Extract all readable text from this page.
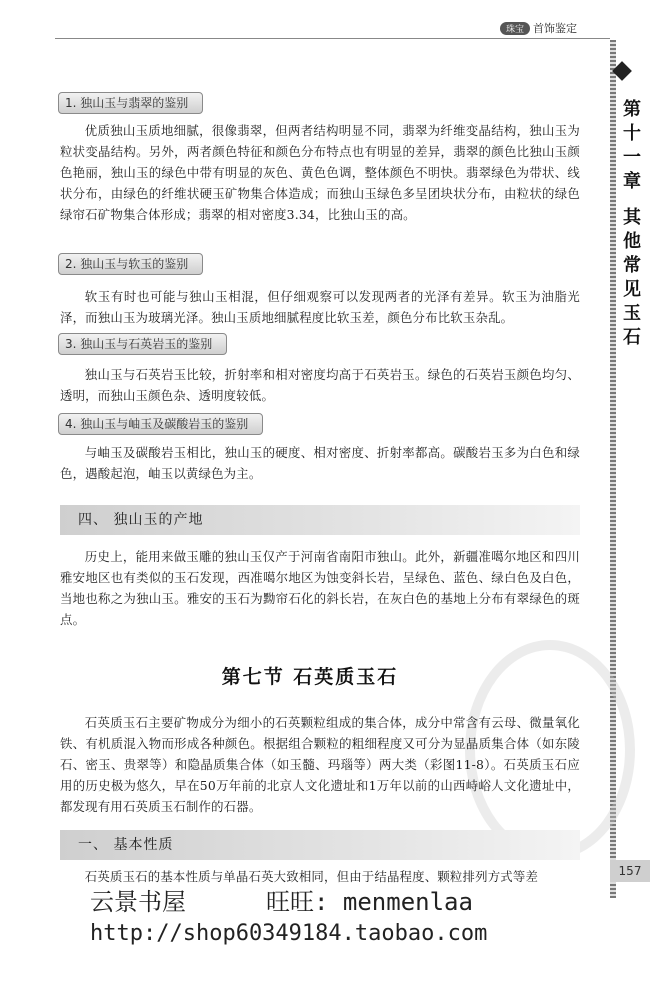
珠宝 首饰鉴定
第
十
一
章
其
他
常
见
玉
石
157
1. 独山玉与翡翠的鉴别

优质独山玉质地细腻，很像翡翠，但两者结构明显不同，翡翠为纤维变晶结构，独山玉为粒状变晶结构。另外，两者颜色特征和颜色分布特点也有明显的差异，翡翠的颜色比独山玉颜色艳丽，独山玉的绿色中带有明显的灰色、黄色色调，整体颜色不明快。翡翠绿色为带状、线状分布，由绿色的纤维状硬玉矿物集合体造成；而独山玉绿色多呈团块状分布，由粒状的绿色绿帘石矿物集合体形成；翡翠的相对密度3.34，比独山玉的高。

2. 独山玉与软玉的鉴别

软玉有时也可能与独山玉相混，但仔细观察可以发现两者的光泽有差异。软玉为油脂光泽，而独山玉为玻璃光泽。独山玉质地细腻程度比软玉差，颜色分布比软玉杂乱。

3. 独山玉与石英岩玉的鉴别

独山玉与石英岩玉比较，折射率和相对密度均高于石英岩玉。绿色的石英岩玉颜色均匀、透明，而独山玉颜色杂、透明度较低。

4. 独山玉与岫玉及碳酸岩玉的鉴别

与岫玉及碳酸岩玉相比，独山玉的硬度、相对密度、折射率都高。碳酸岩玉多为白色和绿色，遇酸起泡，岫玉以黄绿色为主。

四、 独山玉的产地

历史上，能用来做玉雕的独山玉仅产于河南省南阳市独山。此外，新疆准噶尔地区和四川雅安地区也有类似的玉石发现，西准噶尔地区为蚀变斜长岩，呈绿色、蓝色、绿白色及白色，当地也称之为独山玉。雅安的玉石为黝帘石化的斜长岩，在灰白色的基地上分布有翠绿色的斑点。

第七节 石英质玉石

石英质玉石主要矿物成分为细小的石英颗粒组成的集合体，成分中常含有云母、微量氧化铁、有机质混入物而形成各种颜色。根据组合颗粒的粗细程度又可分为显晶质集合体（如东陵石、密玉、贵翠等）和隐晶质集合体（如玉髓、玛瑙等）两大类（彩图11-8）。石英质玉石应用的历史极为悠久，早在50万年前的北京人文化遗址和1万年以前的山西峙峪人文化遗址中，都发现有用石英质玉石制作的石器。

一、 基本性质

石英质玉石的基本性质与单晶石英大致相同，但由于结晶程度、颗粒排列方式等差

云景书屋	旺旺: menmenlaa
http://shop60349184.taobao.com
